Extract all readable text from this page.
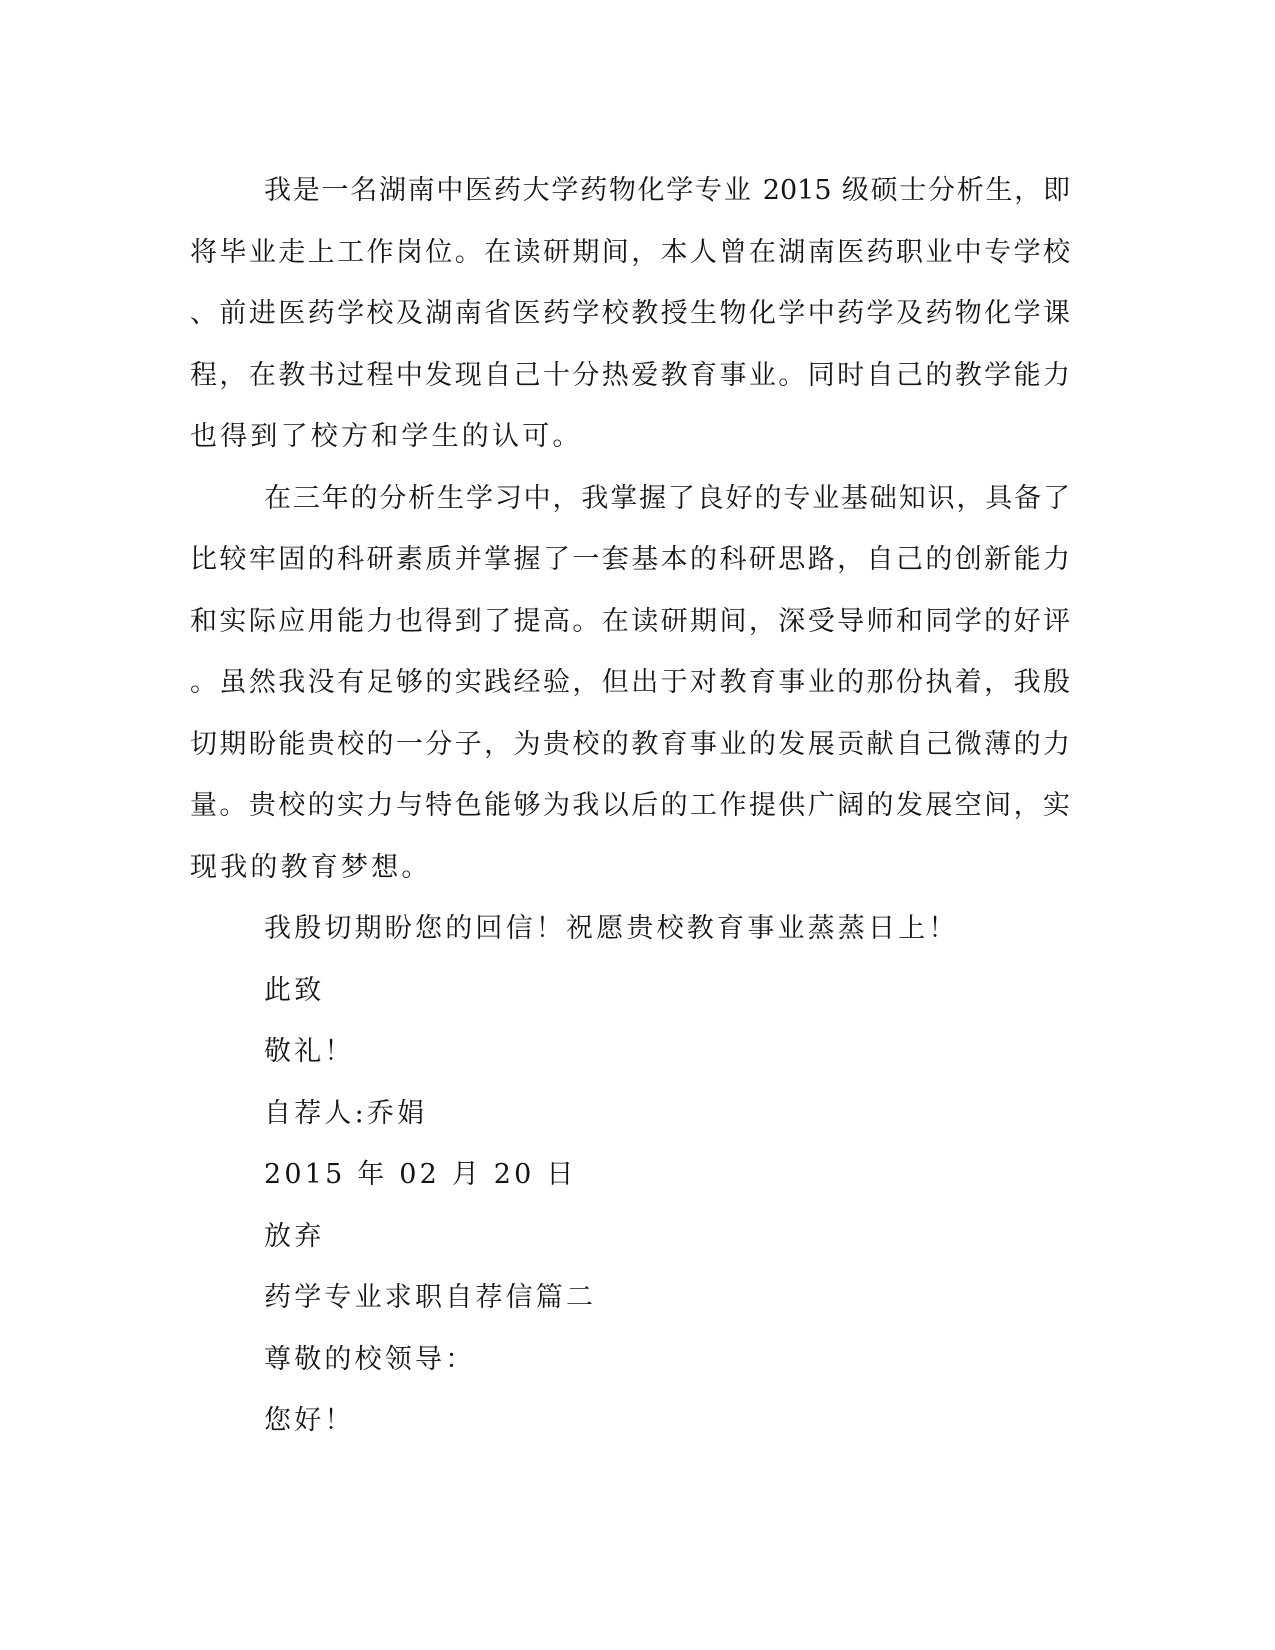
我是一名湖南中医药大学药物化学专业 2015 级硕士分析生，即
将毕业走上工作岗位。在读研期间，本人曾在湖南医药职业中专学校
、前进医药学校及湖南省医药学校教授生物化学中药学及药物化学课
程，在教书过程中发现自己十分热爱教育事业。同时自己的教学能力
也得到了校方和学生的认可。
在三年的分析生学习中，我掌握了良好的专业基础知识，具备了
比较牢固的科研素质并掌握了一套基本的科研思路，自己的创新能力
和实际应用能力也得到了提高。在读研期间，深受导师和同学的好评
。虽然我没有足够的实践经验，但出于对教育事业的那份执着，我殷
切期盼能贵校的一分子，为贵校的教育事业的发展贡献自己微薄的力
量。贵校的实力与特色能够为我以后的工作提供广阔的发展空间，实
现我的教育梦想。
我殷切期盼您的回信！祝愿贵校教育事业蒸蒸日上！
此致
敬礼！
自荐人:乔娟
2015 年 02 月 20 日
放弃
药学专业求职自荐信篇二
尊敬的校领导：
您好！
